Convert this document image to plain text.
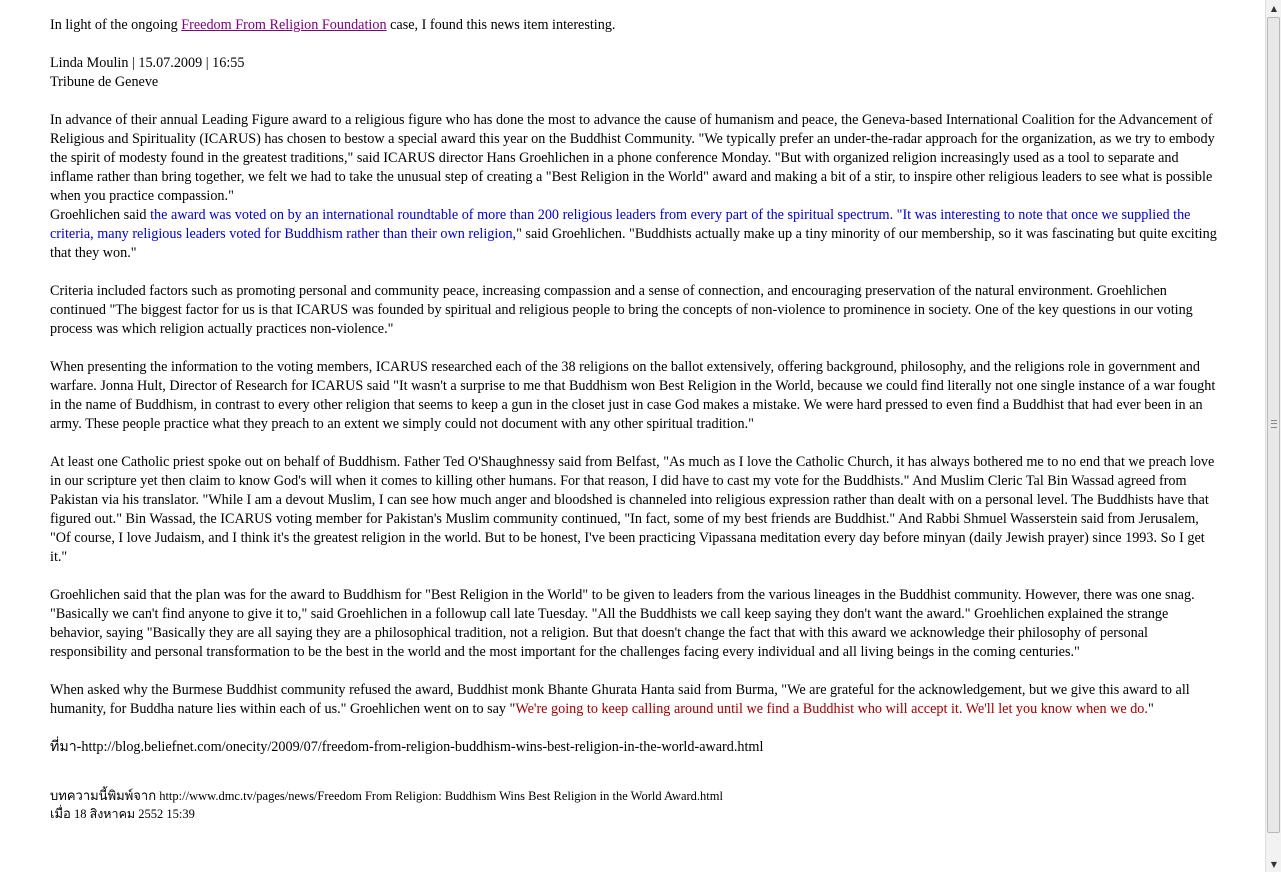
In light of the ongoing Freedom From Religion Foundation case, I found this news item interesting.

Linda Moulin | 15.07.2009 | 16:55
Tribune de Geneve

In advance of their annual Leading Figure award to a religious figure who has done the most to advance the cause of humanism and peace, the Geneva-based International Coalition for the Advancement of Religious and Spirituality (ICARUS) has chosen to bestow a special award this year on the Buddhist Community. "We typically prefer an under-the-radar approach for the organization, as we try to embody the spirit of modesty found in the greatest traditions," said ICARUS director Hans Groehlichen in a phone conference Monday. "But with organized religion increasingly used as a tool to separate and inflame rather than bring together, we felt we had to take the unusual step of creating a "Best Religion in the World" award and making a bit of a stir, to inspire other religious leaders to see what is possible when you practice compassion."

Groehlichen said the award was voted on by an international roundtable of more than 200 religious leaders from every part of the spiritual spectrum. "It was interesting to note that once we supplied the criteria, many religious leaders voted for Buddhism rather than their own religion," said Groehlichen. "Buddhists actually make up a tiny minority of our membership, so it was fascinating but quite exciting that they won."

Criteria included factors such as promoting personal and community peace, increasing compassion and a sense of connection, and encouraging preservation of the natural environment. Groehlichen continued "The biggest factor for us is that ICARUS was founded by spiritual and religious people to bring the concepts of non-violence to prominence in society. One of the key questions in our voting process was which religion actually practices non-violence."

When presenting the information to the voting members, ICARUS researched each of the 38 religions on the ballot extensively, offering background, philosophy, and the religions role in government and warfare. Jonna Hult, Director of Research for ICARUS said "It wasn't a surprise to me that Buddhism won Best Religion in the World, because we could find literally not one single instance of a war fought in the name of Buddhism, in contrast to every other religion that seems to keep a gun in the closet just in case God makes a mistake. We were hard pressed to even find a Buddhist that had ever been in an army. These people practice what they preach to an extent we simply could not document with any other spiritual tradition."

At least one Catholic priest spoke out on behalf of Buddhism. Father Ted O'Shaughnessy said from Belfast, "As much as I love the Catholic Church, it has always bothered me to no end that we preach love in our scripture yet then claim to know God's will when it comes to killing other humans. For that reason, I did have to cast my vote for the Buddhists." And Muslim Cleric Tal Bin Wassad agreed from Pakistan via his translator. "While I am a devout Muslim, I can see how much anger and bloodshed is channeled into religious expression rather than dealt with on a personal level. The Buddhists have that figured out." Bin Wassad, the ICARUS voting member for Pakistan's Muslim community continued, "In fact, some of my best friends are Buddhist." And Rabbi Shmuel Wasserstein said from Jerusalem, "Of course, I love Judaism, and I think it's the greatest religion in the world. But to be honest, I've been practicing Vipassana meditation every day before minyan (daily Jewish prayer) since 1993. So I get it."

Groehlichen said that the plan was for the award to Buddhism for "Best Religion in the World" to be given to leaders from the various lineages in the Buddhist community. However, there was one snag. "Basically we can't find anyone to give it to," said Groehlichen in a followup call late Tuesday. "All the Buddhists we call keep saying they don't want the award." Groehlichen explained the strange behavior, saying "Basically they are all saying they are a philosophical tradition, not a religion. But that doesn't change the fact that with this award we acknowledge their philosophy of personal responsibility and personal transformation to be the best in the world and the most important for the challenges facing every individual and all living beings in the coming centuries."

When asked why the Burmese Buddhist community refused the award, Buddhist monk Bhante Ghurata Hanta said from Burma, "We are grateful for the acknowledgement, but we give this award to all humanity, for Buddha nature lies within each of us." Groehlichen went on to say "We're going to keep calling around until we find a Buddhist who will accept it. We'll let you know when we do."

ที่มา-http://blog.beliefnet.com/onecity/2009/07/freedom-from-religion-buddhism-wins-best-religion-in-the-world-award.html
บทความนี้พิมพ์จาก http://www.dmc.tv/pages/news/Freedom From Religion: Buddhism Wins Best Religion in the World Award.html
เมื่อ 18 สิงหาคม 2552 15:39
▲
▼
